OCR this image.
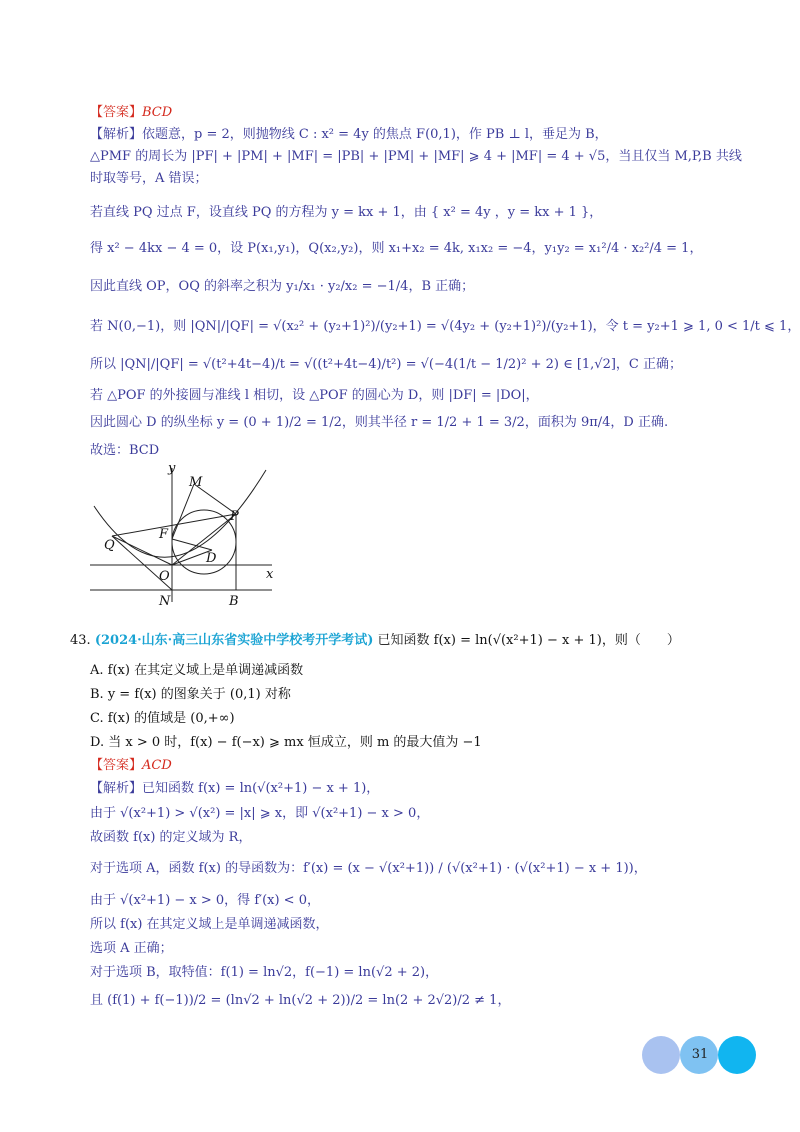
【答案】BCD
【解析】依题意，p = 2，则抛物线 C : x² = 4y 的焦点 F(0,1)，作 PB ⊥ l，垂足为 B，
△PMF 的周长为 |PF| + |PM| + |MF| = |PB| + |PM| + |MF| ⩾ 4 + |MF| = 4 + √5，当且仅当 M,P,B 共线
时取等号，A 错误；
若直线 PQ 过点 F，设直线 PQ 的方程为 y = kx + 1，由 { x² = 4y ，y = kx + 1 }，
得 x² − 4kx − 4 = 0，设 P(x₁,y₁)，Q(x₂,y₂)，则 x₁+x₂ = 4k, x₁x₂ = −4，y₁y₂ = x₁²/4 · x₂²/4 = 1，
因此直线 OP，OQ 的斜率之积为 y₁/x₁ · y₂/x₂ = −1/4，B 正确；
若 N(0,−1)，则 |QN|/|QF| = √(x₂² + (y₂+1)²)/(y₂+1) = √(4y₂ + (y₂+1)²)/(y₂+1)，令 t = y₂+1 ⩾ 1, 0 < 1/t ⩽ 1，
所以 |QN|/|QF| = √(t²+4t−4)/t = √((t²+4t−4)/t²) = √(−4(1/t − 1/2)² + 2) ∈ [1,√2]，C 正确；
若 △POF 的外接圆与准线 l 相切，设 △POF 的圆心为 D，则 |DF| = |DO|，
因此圆心 D 的纵坐标 y = (0 + 1)/2 = 1/2，则其半径 r = 1/2 + 1 = 3/2，面积为 9π/4，D 正确.
故选：BCD
y
M
P
F
Q
D
O	x
N	B
43. (2024·山东·高三山东省实验中学校考开学考试) 已知函数 f(x) = ln(√(x²+1) − x + 1)，则（　　）
A. f(x) 在其定义域上是单调递减函数
B. y = f(x) 的图象关于 (0,1) 对称
C. f(x) 的值域是 (0,+∞)
D. 当 x > 0 时，f(x) − f(−x) ⩾ mx 恒成立，则 m 的最大值为 −1
【答案】ACD
【解析】已知函数 f(x) = ln(√(x²+1) − x + 1)，
由于 √(x²+1) > √(x²) = |x| ⩾ x，即 √(x²+1) − x > 0，
故函数 f(x) 的定义域为 R，
对于选项 A，函数 f(x) 的导函数为：f′(x) = (x − √(x²+1)) / (√(x²+1) · (√(x²+1) − x + 1))，
由于 √(x²+1) − x > 0，得 f′(x) < 0，
所以 f(x) 在其定义域上是单调递减函数，
选项 A 正确；
对于选项 B，取特值：f(1) = ln√2，f(−1) = ln(√2 + 2)，
且 (f(1) + f(−1))/2 = (ln√2 + ln(√2 + 2))/2 = ln(2 + 2√2)/2 ≠ 1，
31
